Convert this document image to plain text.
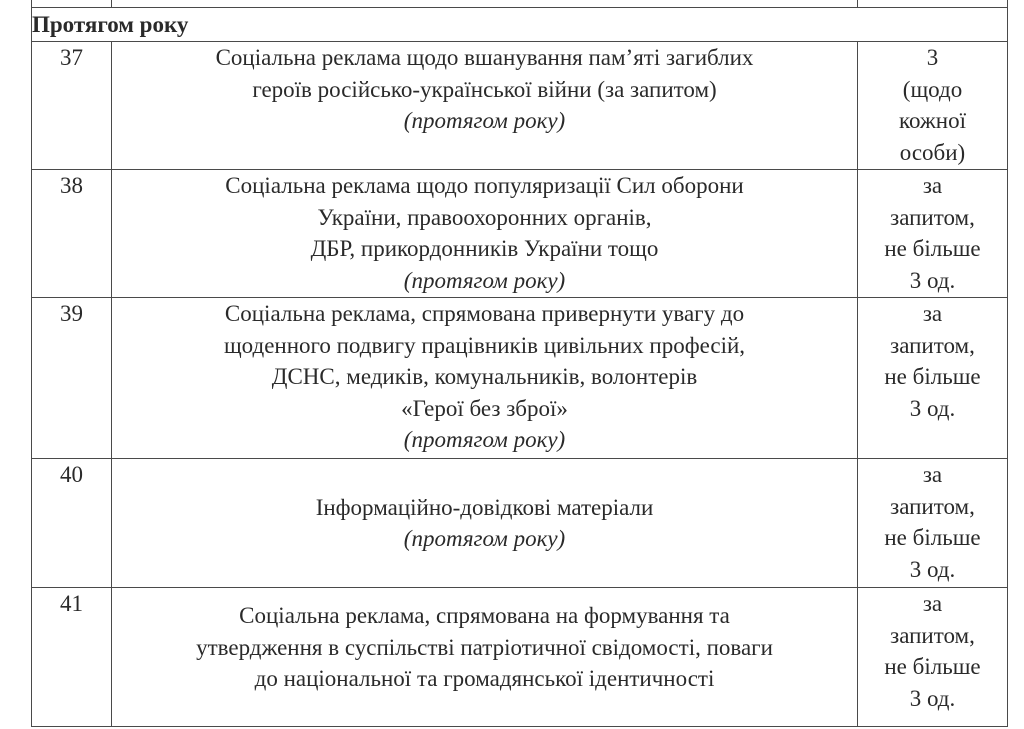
Протягом року		
37	Соціальна реклама щодо вшанування пам’яті загиблих
героїв російсько-української війни (за запитом)
(протягом року)	3
(щодо
кожної
особи)

38	Соціальна реклама щодо популяризації Сил оборони
України, правоохоронних органів,
ДБР, прикордонників України тощо
(протягом року)	за
запитом,
не більше
3 од.

39	Соціальна реклама, спрямована привернути увагу до
щоденного подвигу працівників цивільних професій,
ДСНС, медиків, комунальників, волонтерів
«Герої без зброї»
(протягом року)	за
запитом,
не більше
3 од.

40	Інформаційно-довідкові матеріали
(протягом року)	за
запитом,
не більше
3 од.

41	Соціальна реклама, спрямована на формування та
утвердження в суспільстві патріотичної свідомості, поваги
до національної та громадянської ідентичності	за
запитом,
не більше
3 од.
